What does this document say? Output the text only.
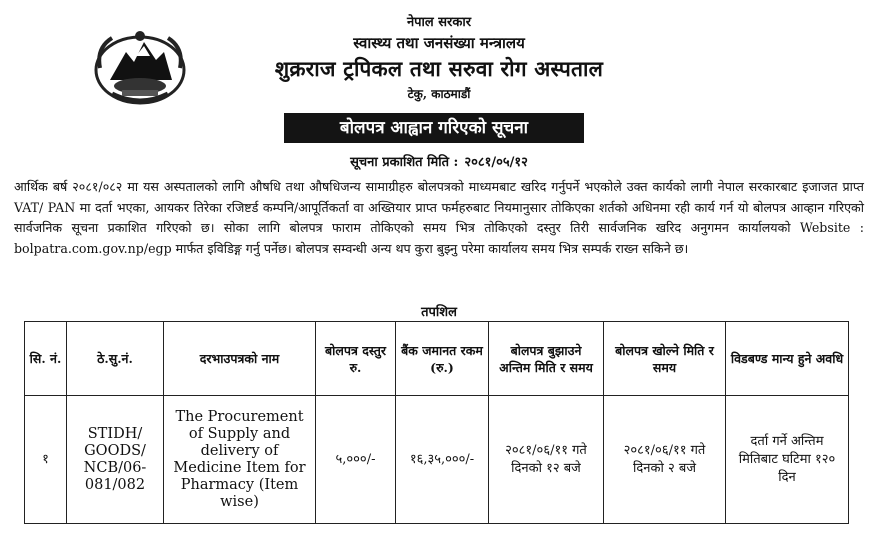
नेपाल सरकार
स्वास्थ्य तथा जनसंख्या मन्त्रालय
शुक्रराज ट्रपिकल तथा सरुवा रोग अस्पताल
टेकु, काठमाडौं
बोलपत्र आह्वान गरिएको सूचना
सूचना प्रकाशित मिति : २०८१/०५/१२
आर्थिक बर्ष २०८१/०८२ मा यस अस्पतालको लागि औषधि तथा औषधिजन्य सामाग्रीहरु बोलपत्रको माध्यमबाट खरिद गर्नुपर्ने भएकोले उक्त कार्यको लागी नेपाल सरकारबाट इजाजत प्राप्त VAT/ PAN मा दर्ता भएका, आयकर तिरेका रजिष्टर्ड कम्पनि/आपूर्तिकर्ता वा अख्तियार प्राप्त फर्महरुबाट नियमानुसार तोकिएका शर्तको अधिनमा रही कार्य गर्न यो बोलपत्र आव्हान गरिएको सार्वजनिक सूचना प्रकाशित गरिएको छ। सोका लागि बोलपत्र फाराम तोकिएको समय भित्र तोकिएको दस्तुर तिरी सार्वजनिक खरिद अनुगमन कार्यालयको Website : bolpatra.com.gov.np/egp मार्फत इविडिङ्ग गर्नु पर्नेछ। बोलपत्र सम्वन्धी अन्य थप कुरा बुझ्नु परेमा कार्यालय समय भित्र सम्पर्क राख्न सकिने छ।
तपशिल
सि. नं.	ठे.सु.नं.	दरभाउपत्रको नाम	बोलपत्र दस्तुर रु.	बैंक जमानत रकम (रु.)	बोलपत्र बुझाउने अन्तिम मिति र समय	बोलपत्र खोल्ने मिति र समय	विडबण्ड मान्य हुने अवधि
१	STIDH/ GOODS/ NCB/06- 081/082	The Procurement of Supply and delivery of Medicine Item for Pharmacy (Item wise)	५,०००/-	१६,३५,०००/-	२०८१/०६/११ गते दिनको १२ बजे	२०८१/०६/११ गते दिनको २ बजे	दर्ता गर्ने अन्तिम मितिबाट घटिमा १२० दिन
